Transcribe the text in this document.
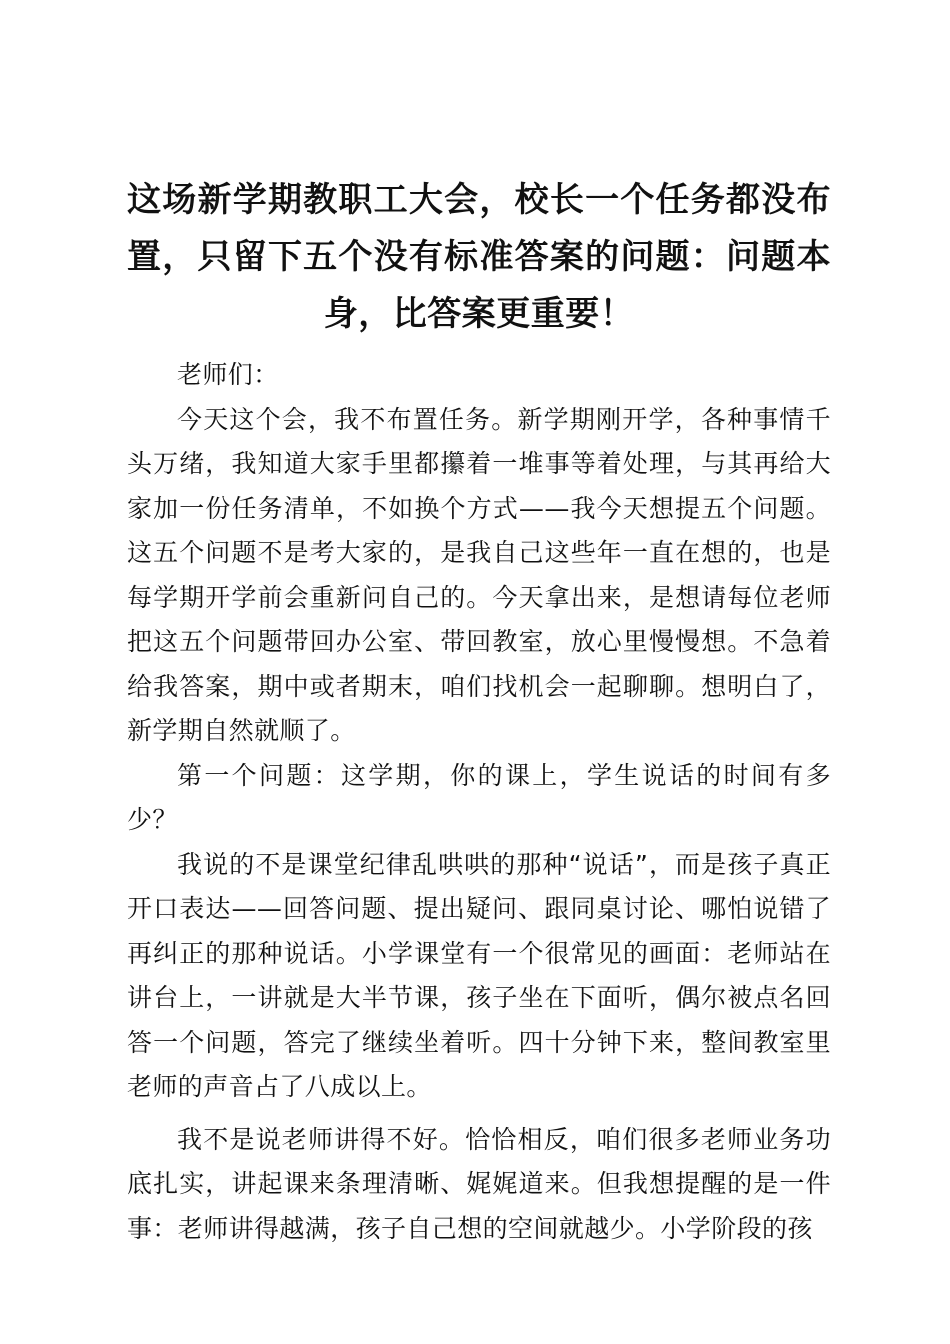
这场新学期教职工大会，校长一个任务都没布置，只留下五个没有标准答案的问题：问题本身，比答案更重要！

老师们：

今天这个会，我不布置任务。新学期刚开学，各种事情千头万绪，我知道大家手里都攥着一堆事等着处理，与其再给大家加一份任务清单，不如换个方式——我今天想提五个问题。这五个问题不是考大家的，是我自己这些年一直在想的，也是每学期开学前会重新问自己的。今天拿出来，是想请每位老师把这五个问题带回办公室、带回教室，放心里慢慢想。不急着给我答案，期中或者期末，咱们找机会一起聊聊。想明白了，新学期自然就顺了。

第一个问题：这学期，你的课上，学生说话的时间有多少？

我说的不是课堂纪律乱哄哄的那种“说话”，而是孩子真正开口表达——回答问题、提出疑问、跟同桌讨论、哪怕说错了再纠正的那种说话。小学课堂有一个很常见的画面：老师站在讲台上，一讲就是大半节课，孩子坐在下面听，偶尔被点名回答一个问题，答完了继续坐着听。四十分钟下来，整间教室里老师的声音占了八成以上。

我不是说老师讲得不好。恰恰相反，咱们很多老师业务功底扎实，讲起课来条理清晰、娓娓道来。但我想提醒的是一件事：老师讲得越满，孩子自己想的空间就越少。小学阶段的孩
